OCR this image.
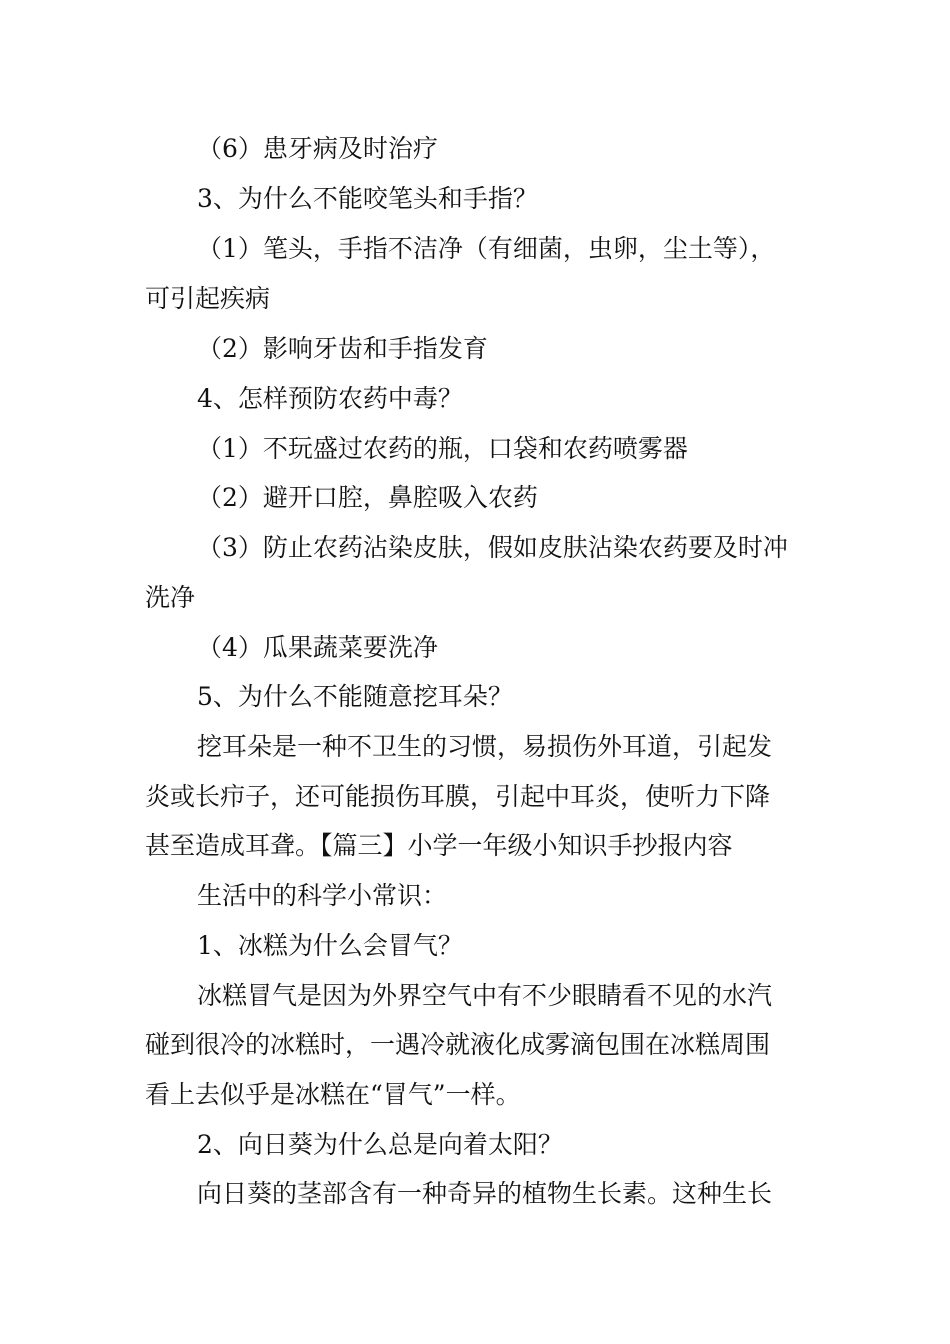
（6）患牙病及时治疗
3、为什么不能咬笔头和手指？
（1）笔头，手指不洁净（有细菌，虫卵，尘土等），
可引起疾病
（2）影响牙齿和手指发育
4、怎样预防农药中毒？
（1）不玩盛过农药的瓶，口袋和农药喷雾器
（2）避开口腔，鼻腔吸入农药
（3）防止农药沾染皮肤，假如皮肤沾染农药要及时冲
洗净
（4）瓜果蔬菜要洗净
5、为什么不能随意挖耳朵？
挖耳朵是一种不卫生的习惯，易损伤外耳道，引起发
炎或长疖子，还可能损伤耳膜，引起中耳炎，使听力下降
甚至造成耳聋。【篇三】小学一年级小知识手抄报内容
生活中的科学小常识：
1、冰糕为什么会冒气？
冰糕冒气是因为外界空气中有不少眼睛看不见的水汽
碰到很冷的冰糕时，一遇冷就液化成雾滴包围在冰糕周围
看上去似乎是冰糕在“冒气”一样。
2、向日葵为什么总是向着太阳？
向日葵的茎部含有一种奇异的植物生长素。这种生长
